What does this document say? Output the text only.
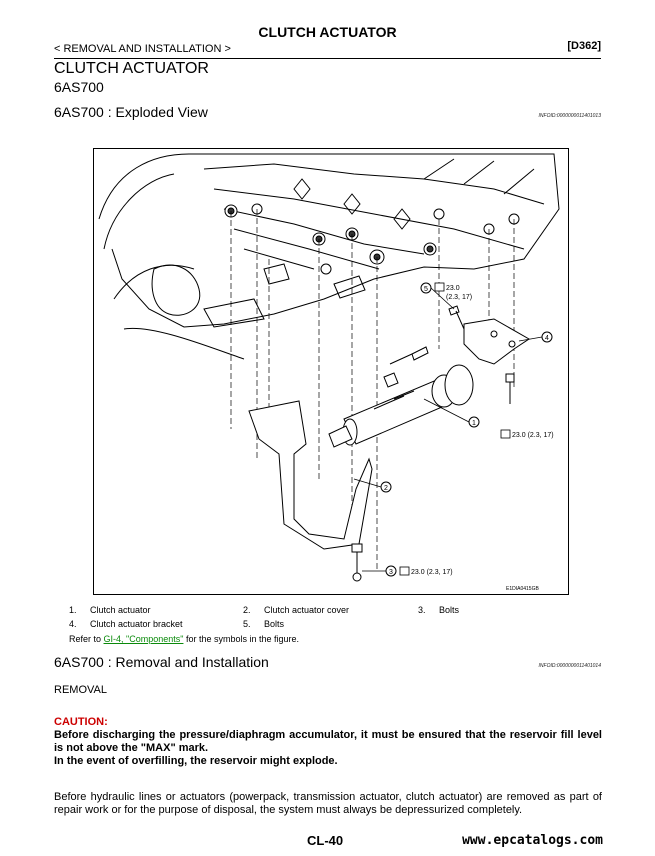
CLUTCH ACTUATOR
< REMOVAL AND INSTALLATION >	[D362]
CLUTCH ACTUATOR
6AS700
6AS700 : Exploded View	INFOID:0000000011401013
5
4
1
2
3
23.0
(2.3, 17)
23.0 (2.3, 17)
23.0 (2.3, 17)
E1DIA0415GB
1. Clutch actuator	2. Clutch actuator cover	3. Bolts
4. Clutch actuator bracket	5. Bolts
Refer to GI-4, "Components" for the symbols in the figure.
6AS700 : Removal and Installation	INFOID:0000000011401014
REMOVAL
CAUTION:
Before discharging the pressure/diaphragm accumulator, it must be ensured that the reservoir fill level is not above the "MAX" mark.
In the event of overfilling, the reservoir might explode.
Before hydraulic lines or actuators (powerpack, transmission actuator, clutch actuator) are removed as part of repair work or for the purpose of disposal, the system must always be depressurized completely.
CL-40	www.epcatalogs.com
